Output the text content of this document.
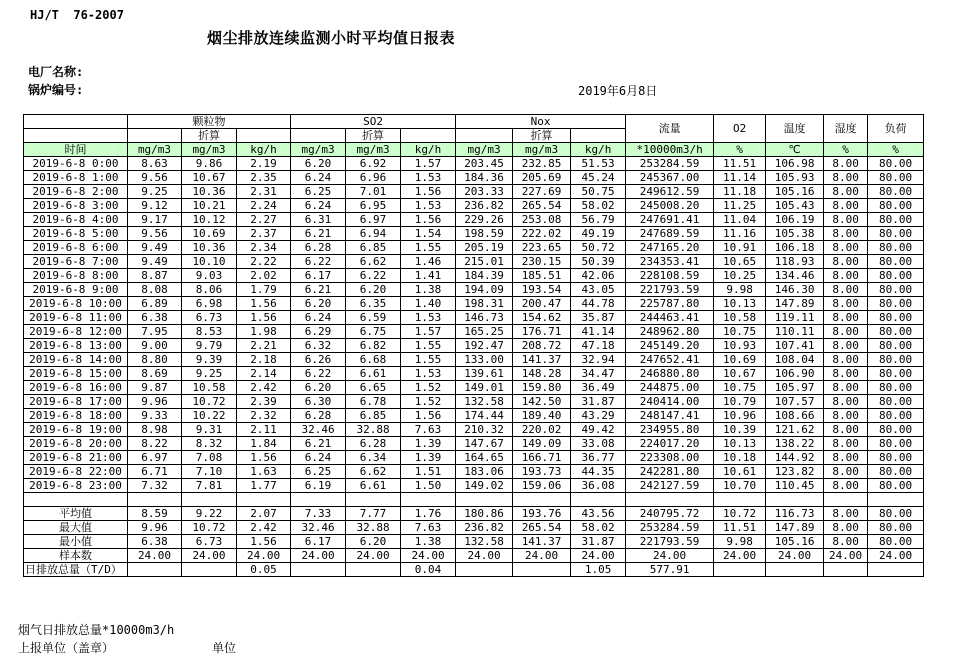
HJ/T  76-2007
烟尘排放连续监测小时平均值日报表
电厂名称:
锅炉编号:	2019年6月8日
	颗粒物			SO2			Nox			流量	O2	温度	湿度	负荷
		折算			折算			折算						
时间	mg/m3	mg/m3	kg/h	mg/m3	mg/m3	kg/h	mg/m3	mg/m3	kg/h	*10000m3/h	%	℃	%	%
2019-6-8 0:00	8.63	9.86	2.19	6.20	6.92	1.57	203.45	232.85	51.53	253284.59	11.51	106.98	8.00	80.00
2019-6-8 1:00	9.56	10.67	2.35	6.24	6.96	1.53	184.36	205.69	45.24	245367.00	11.14	105.93	8.00	80.00
2019-6-8 2:00	9.25	10.36	2.31	6.25	7.01	1.56	203.33	227.69	50.75	249612.59	11.18	105.16	8.00	80.00
2019-6-8 3:00	9.12	10.21	2.24	6.24	6.95	1.53	236.82	265.54	58.02	245008.20	11.25	105.43	8.00	80.00
2019-6-8 4:00	9.17	10.12	2.27	6.31	6.97	1.56	229.26	253.08	56.79	247691.41	11.04	106.19	8.00	80.00
2019-6-8 5:00	9.56	10.69	2.37	6.21	6.94	1.54	198.59	222.02	49.19	247689.59	11.16	105.38	8.00	80.00
2019-6-8 6:00	9.49	10.36	2.34	6.28	6.85	1.55	205.19	223.65	50.72	247165.20	10.91	106.18	8.00	80.00
2019-6-8 7:00	9.49	10.10	2.22	6.22	6.62	1.46	215.01	230.15	50.39	234353.41	10.65	118.93	8.00	80.00
2019-6-8 8:00	8.87	9.03	2.02	6.17	6.22	1.41	184.39	185.51	42.06	228108.59	10.25	134.46	8.00	80.00
2019-6-8 9:00	8.08	8.06	1.79	6.21	6.20	1.38	194.09	193.54	43.05	221793.59	9.98	146.30	8.00	80.00
2019-6-8 10:00	6.89	6.98	1.56	6.20	6.35	1.40	198.31	200.47	44.78	225787.80	10.13	147.89	8.00	80.00
2019-6-8 11:00	6.38	6.73	1.56	6.24	6.59	1.53	146.73	154.62	35.87	244463.41	10.58	119.11	8.00	80.00
2019-6-8 12:00	7.95	8.53	1.98	6.29	6.75	1.57	165.25	176.71	41.14	248962.80	10.75	110.11	8.00	80.00
2019-6-8 13:00	9.00	9.79	2.21	6.32	6.82	1.55	192.47	208.72	47.18	245149.20	10.93	107.41	8.00	80.00
2019-6-8 14:00	8.80	9.39	2.18	6.26	6.68	1.55	133.00	141.37	32.94	247652.41	10.69	108.04	8.00	80.00
2019-6-8 15:00	8.69	9.25	2.14	6.22	6.61	1.53	139.61	148.28	34.47	246880.80	10.67	106.90	8.00	80.00
2019-6-8 16:00	9.87	10.58	2.42	6.20	6.65	1.52	149.01	159.80	36.49	244875.00	10.75	105.97	8.00	80.00
2019-6-8 17:00	9.96	10.72	2.39	6.30	6.78	1.52	132.58	142.50	31.87	240414.00	10.79	107.57	8.00	80.00
2019-6-8 18:00	9.33	10.22	2.32	6.28	6.85	1.56	174.44	189.40	43.29	248147.41	10.96	108.66	8.00	80.00
2019-6-8 19:00	8.98	9.31	2.11	32.46	32.88	7.63	210.32	220.02	49.42	234955.80	10.39	121.62	8.00	80.00
2019-6-8 20:00	8.22	8.32	1.84	6.21	6.28	1.39	147.67	149.09	33.08	224017.20	10.13	138.22	8.00	80.00
2019-6-8 21:00	6.97	7.08	1.56	6.24	6.34	1.39	164.65	166.71	36.77	223308.00	10.18	144.92	8.00	80.00
2019-6-8 22:00	6.71	7.10	1.63	6.25	6.62	1.51	183.06	193.73	44.35	242281.80	10.61	123.82	8.00	80.00
2019-6-8 23:00	7.32	7.81	1.77	6.19	6.61	1.50	149.02	159.06	36.08	242127.59	10.70	110.45	8.00	80.00

平均值	8.59	9.22	2.07	7.33	7.77	1.76	180.86	193.76	43.56	240795.72	10.72	116.73	8.00	80.00
最大值	9.96	10.72	2.42	32.46	32.88	7.63	236.82	265.54	58.02	253284.59	11.51	147.89	8.00	80.00
最小值	6.38	6.73	1.56	6.17	6.20	1.38	132.58	141.37	31.87	221793.59	9.98	105.16	8.00	80.00
样本数	24.00	24.00	24.00	24.00	24.00	24.00	24.00	24.00	24.00	24.00	24.00	24.00	24.00	24.00
日排放总量（T/D）			0.05			0.04			1.05	577.91				
烟气日排放总量*10000m3/h
上报单位（盖章）	单位
